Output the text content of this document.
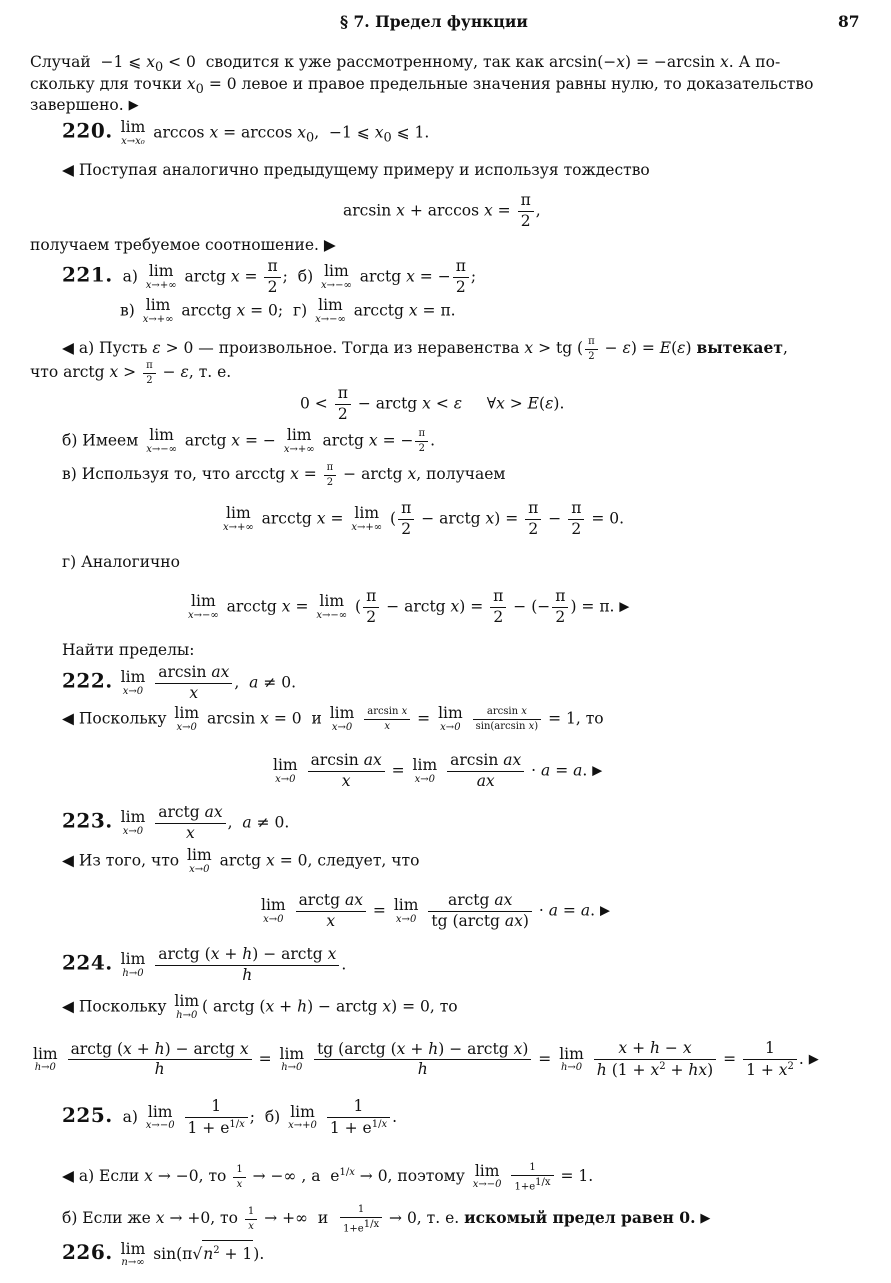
§ 7. Предел функции	87
Случай  −1 ⩽ $x_0 < 0$  сводится к уже рассмотренному, так как arcsin(−x) = −arcsin x. А по-
скольку для точки $x_0 = 0$ левое и правое предельные значения равны нулю, то доказательство
завершено. ▶
220. lim
x→x₀ $\arccos x = \arccos x_0$,  −1 ⩽ $x_0$ ⩽ 1.
◀ Поступая аналогично предыдущему примеру и используя тождество
$\arcsin x + \arccos x = \frac{\pi}{2}$ ,
получаем требуемое соотношение. ▶
221.  а) lim
x→+∞ arctg $x = \frac{\pi}{2}$ ;  б) lim
x→−∞ arctg x = − $\frac{\pi}{2}$ ;
в) lim
x→+∞ arcctg x = 0;  г) lim
x→−∞ arcctg x = π.
◀ а) Пусть ε > 0 — произвольное. Тогда из неравенства x > tg ( $\frac{\pi}{2} - \varepsilon) = E(\varepsilon)$ вытекает,
что arctg $x > \frac{\pi}{2} - \varepsilon$, т. е.
$0 < \frac{\pi}{2}$ − arctg x < ε     ∀x > E(ε).
б) Имеем lim
x→−∞ arctg x = − lim
x→+∞ arctg x = − $\frac{\pi}{2}$ .
в) Используя то, что arcctg $x = \frac{\pi}{2}$ − arctg x, получаем
lim
x→+∞ arcctg x = lim
x→+∞ ( $\frac{\pi}{2}$ − arctg $x) = \frac{\pi}{2} - \frac{\pi}{2} = 0$.
г) Аналогично
lim
x→−∞ arcctg x = lim
x→−∞ ( $\frac{\pi}{2}$ − arctg $x) = \frac{\pi}{2}$ − (− $\frac{\pi}{2}$ ) = π. ▶
Найти пределы:
222. lim
x→0
$\frac{\text{arcsin ax}}{x}$ ,  a ≠ 0.
◀ Поскольку lim
x→0 arcsin x = 0  и lim
x→0
$\frac{\text{arcsin x}}{x} = \lim$
x→0
$\frac{\text{arcsin x}}{\text{sin(arcsin x)}} = 1$, то
lim
x→0
$\frac{\text{arcsin ax}}{x} = \lim$
x→0
$\frac{\text{arcsin ax}}{ax} \cdot a = a$. ▶
223. lim
x→0

arctg ax
x
,  a ≠ 0.
◀ Из того, что lim
x→0 arctg x = 0, следует, что
lim
x→0

arctg ax
x
= lim
x→0

arctg ax
tg (arctg ax)
· a = a. ▶
224. lim
h→0

arctg (x + h) − arctg x
h
.
◀ Поскольку lim
h→0 ( arctg (x + h) − arctg x) = 0, то
lim
h→0

arctg (x + h) − arctg x
h
= lim
h→0

tg (arctg (x + h) − arctg x)
h
= lim
h→0
$\frac{x + h - x}{h (1 + x^2 + hx)} = \frac{1}{1 + x^2}$ . ▶
225.  а) lim
x→−0
$\frac{1}{1 + e^{1/x}}$ ;  б) lim
x→+0
$\frac{1}{1 + e^{1/x}}$ .
◀ а) Если x → −0, то $\frac{1}{x}$ → −∞ , а  $e^{1/x} \to 0$, поэтому lim
x→−0
$\frac{1}{1+e^{1/x}} = 1$.
б) Если же x → +0, то $\frac{1}{x}$ → +∞  и $\frac{1}{1+e^{1/x}} \to 0$, т. е. искомый предел равен 0. ▶
226. lim
n→∞ $\sin(\pi√n^2 + 1)$.
